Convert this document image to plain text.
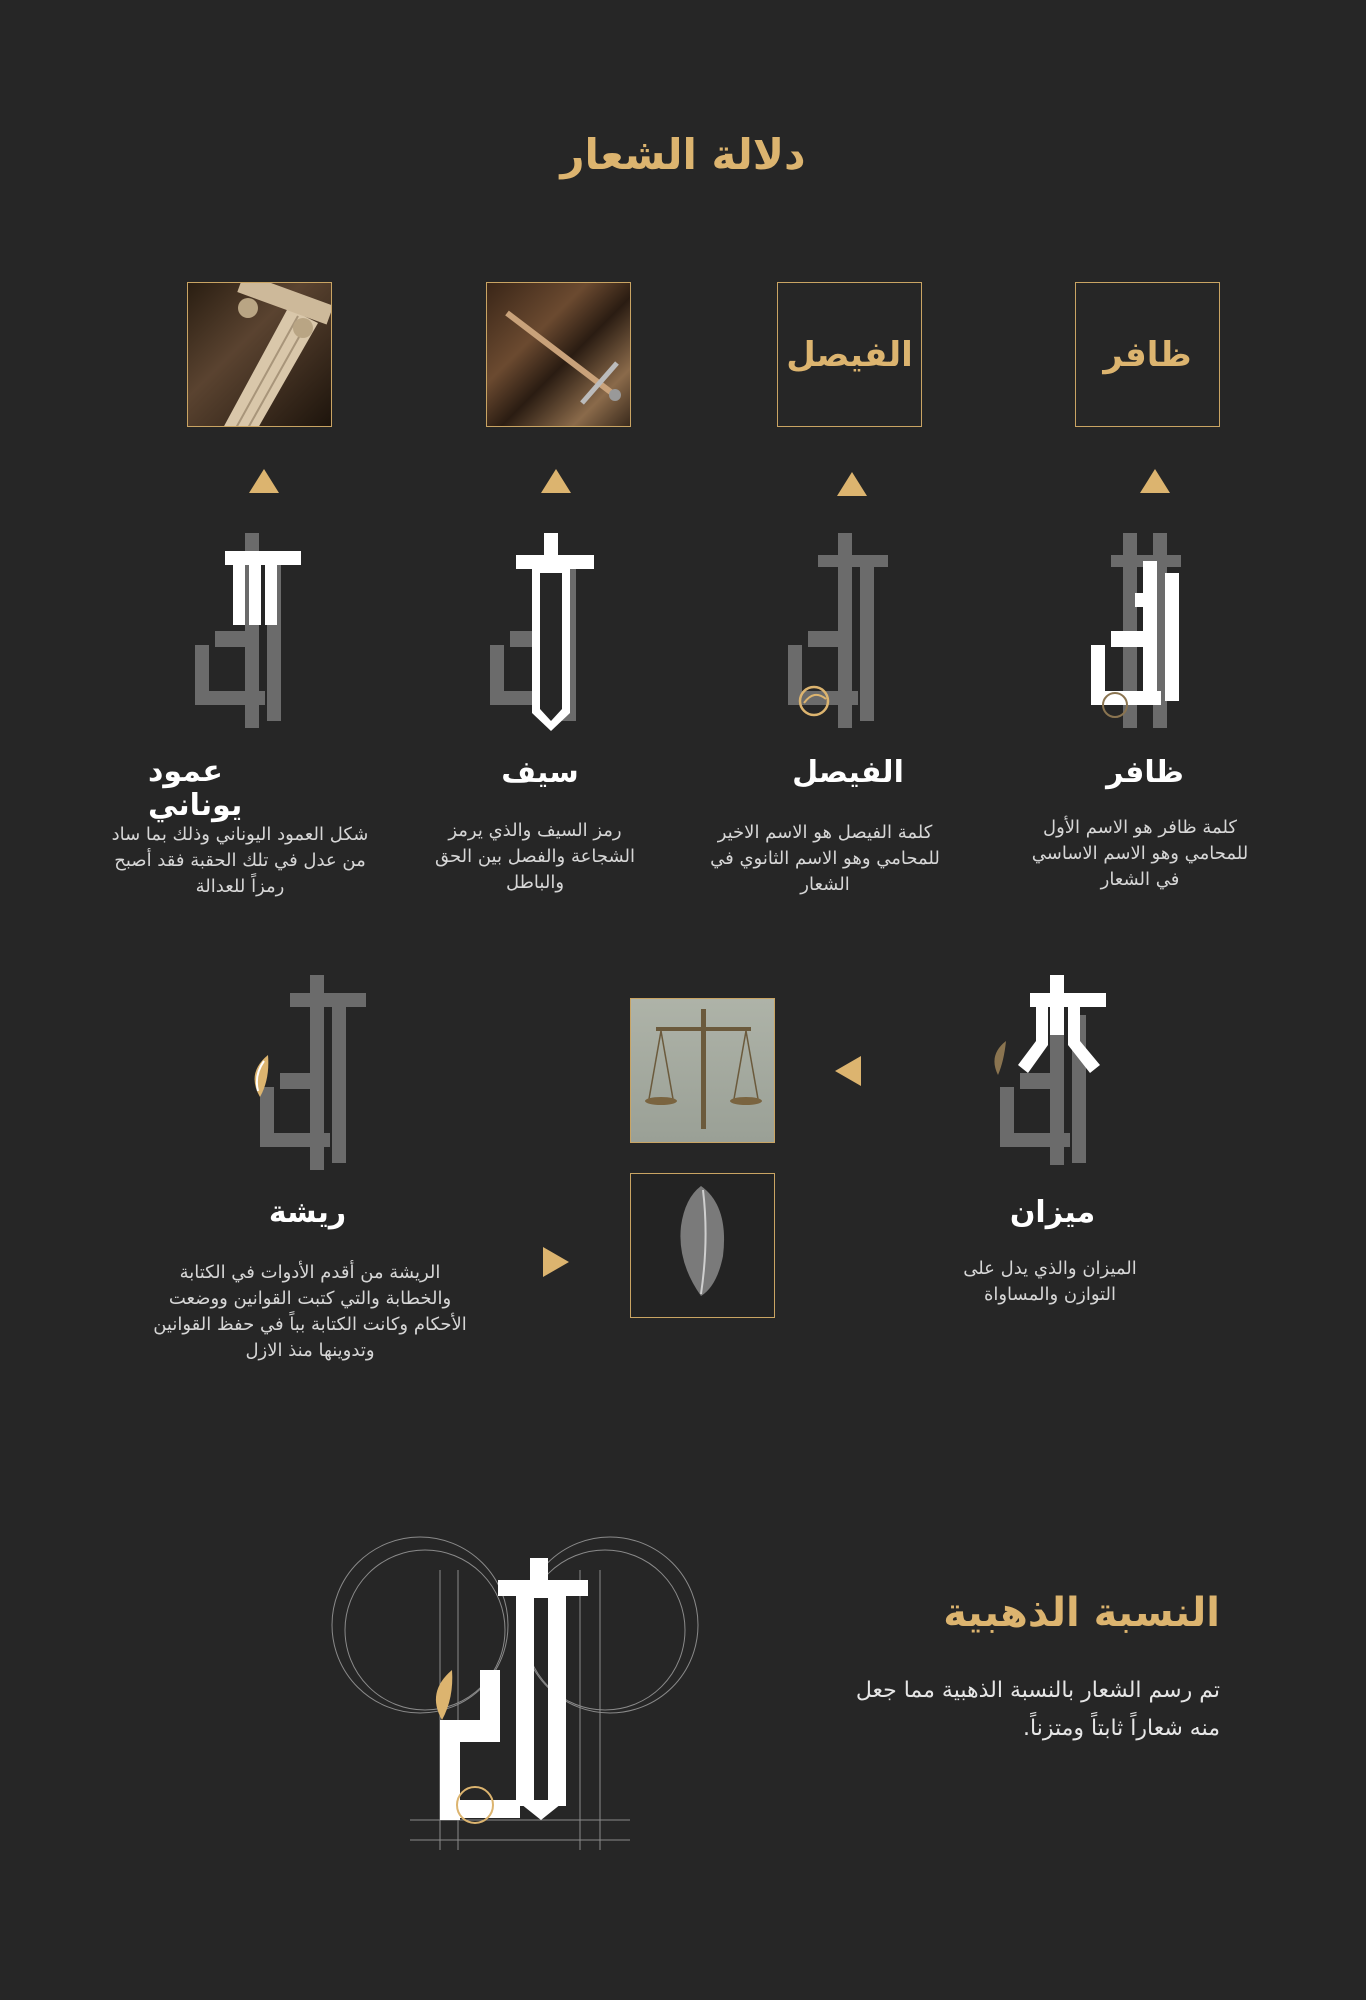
دلالة الشعار
ظافر
الفيصل
ظافر
الفيصل
سيف
عمود يوناني
كلمة ظافر هو الاسم الأول للمحامي وهو الاسم الاساسي في الشعار
كلمة الفيصل هو الاسم الاخير للمحامي وهو الاسم الثانوي في الشعار
رمز السيف والذي يرمز الشجاعة والفصل بين الحق والباطل
شكل العمود اليوناني وذلك بما ساد من عدل في تلك الحقبة فقد أصبح رمزاً للعدالة
ميزان
الميزان والذي يدل على التوازن والمساواة
ريشة
الريشة من أقدم الأدوات في الكتابة والخطابة والتي كتبت القوانين ووضعت الأحكام وكانت الكتابة بباً في حفظ القوانين وتدوينها منذ الازل
النسبة الذهبية
تم رسم الشعار بالنسبة الذهبية مما جعل منه شعاراً ثابتاً ومتزناً.
